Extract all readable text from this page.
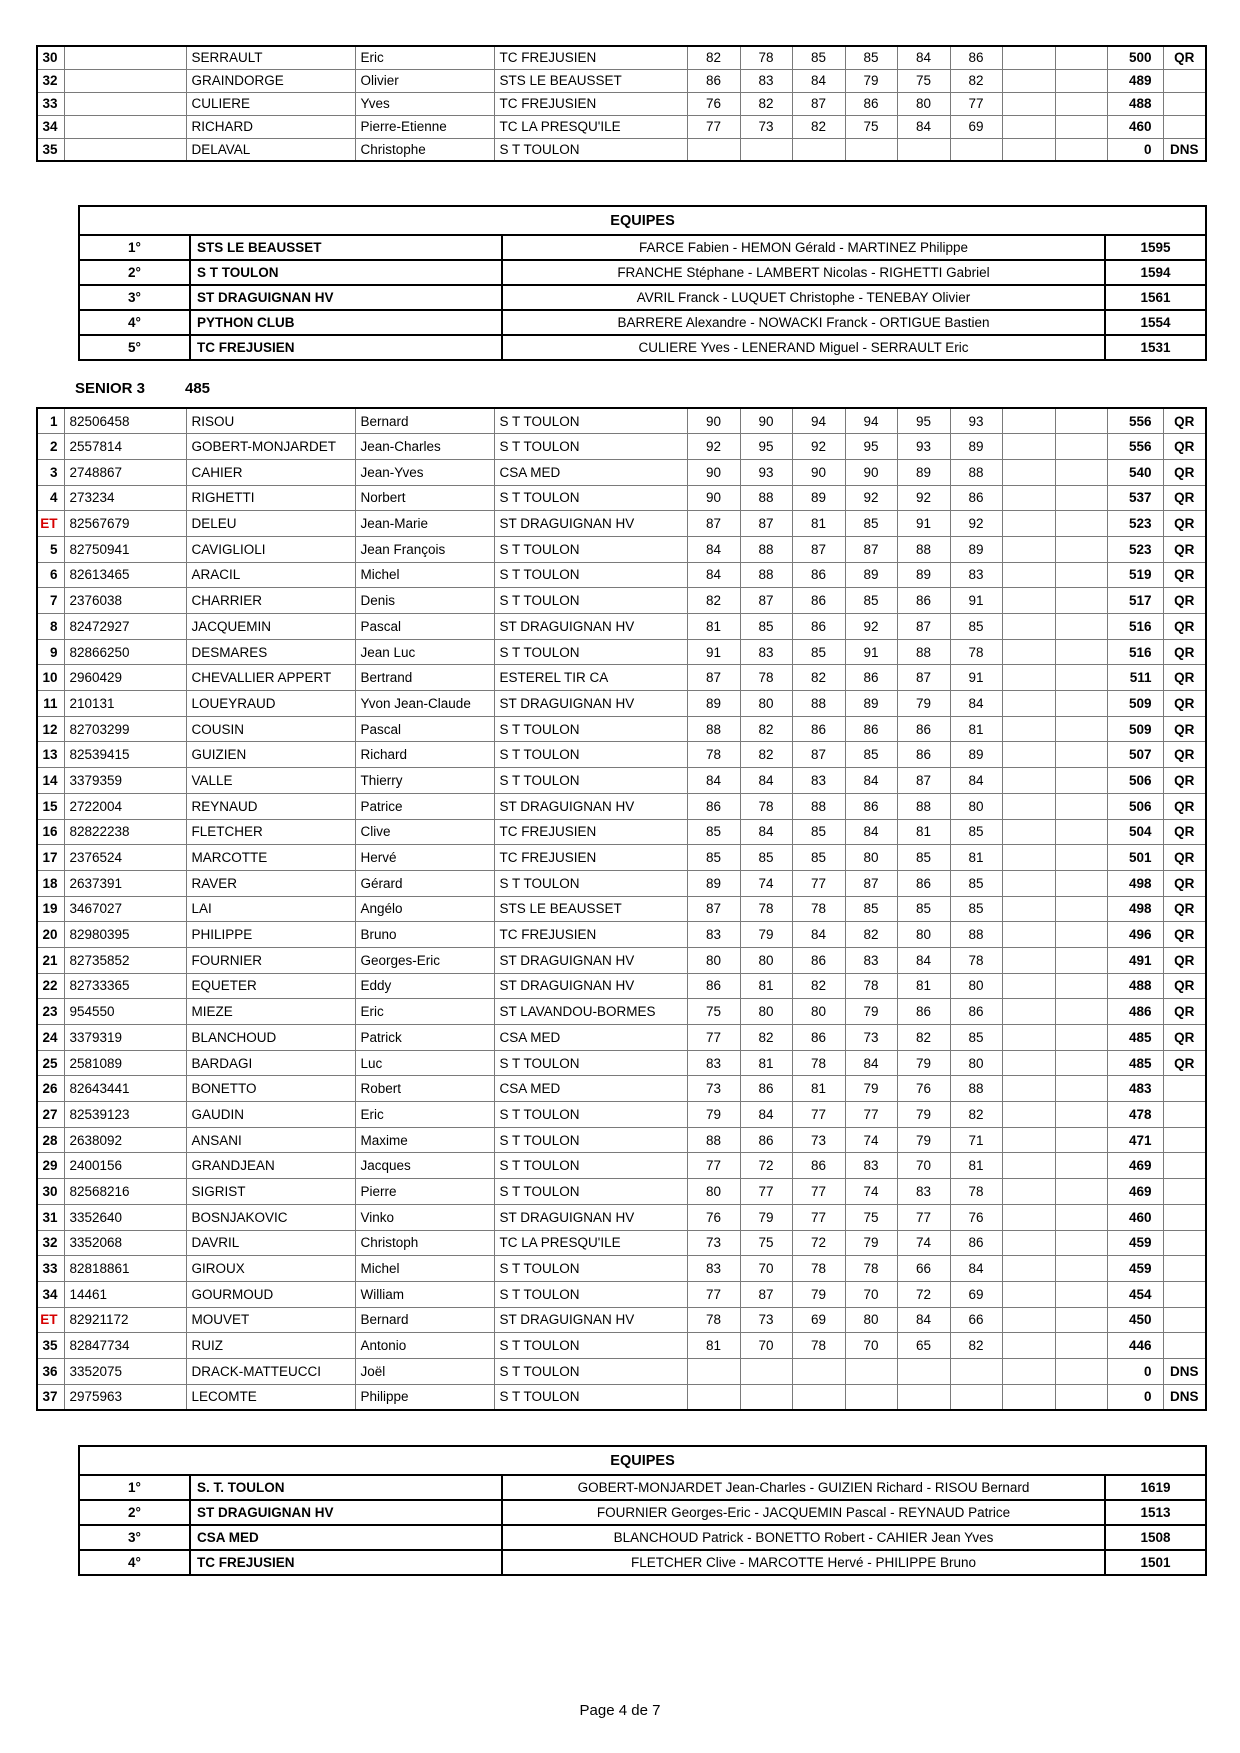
30		SERRAULT	Eric	TC FREJUSIEN	82	78	85	85	84	86			500	QR
32		GRAINDORGE	Olivier	STS LE BEAUSSET	86	83	84	79	75	82			489	
33		CULIERE	Yves	TC FREJUSIEN	76	82	87	86	80	77			488	
34		RICHARD	Pierre-Etienne	TC LA PRESQU'ILE	77	73	82	75	84	69			460	
35		DELAVAL	Christophe	S T TOULON									0	DNS
EQUIPES			
1°	STS LE BEAUSSET	FARCE Fabien - HEMON Gérald - MARTINEZ Philippe	1595
2°	S T TOULON	FRANCHE Stéphane - LAMBERT Nicolas - RIGHETTI Gabriel	1594
3°	ST DRAGUIGNAN HV	AVRIL Franck - LUQUET Christophe - TENEBAY Olivier	1561
4°	PYTHON CLUB	BARRERE Alexandre - NOWACKI Franck - ORTIGUE Bastien	1554
5°	TC FREJUSIEN	CULIERE Yves - LENERAND Miguel - SERRAULT Eric	1531
SENIOR 3	485
1	82506458	RISOU	Bernard	S T TOULON	90	90	94	94	95	93			556	QR
2	2557814	GOBERT-MONJARDET	Jean-Charles	S T TOULON	92	95	92	95	93	89			556	QR
3	2748867	CAHIER	Jean-Yves	CSA MED	90	93	90	90	89	88			540	QR
4	273234	RIGHETTI	Norbert	S T TOULON	90	88	89	92	92	86			537	QR
ET	82567679	DELEU	Jean-Marie	ST DRAGUIGNAN HV	87	87	81	85	91	92			523	QR
5	82750941	CAVIGLIOLI	Jean François	S T TOULON	84	88	87	87	88	89			523	QR
6	82613465	ARACIL	Michel	S T TOULON	84	88	86	89	89	83			519	QR
7	2376038	CHARRIER	Denis	S T TOULON	82	87	86	85	86	91			517	QR
8	82472927	JACQUEMIN	Pascal	ST DRAGUIGNAN HV	81	85	86	92	87	85			516	QR
9	82866250	DESMARES	Jean Luc	S T TOULON	91	83	85	91	88	78			516	QR
10	2960429	CHEVALLIER APPERT	Bertrand	ESTEREL TIR CA	87	78	82	86	87	91			511	QR
11	210131	LOUEYRAUD	Yvon Jean-Claude	ST DRAGUIGNAN HV	89	80	88	89	79	84			509	QR
12	82703299	COUSIN	Pascal	S T TOULON	88	82	86	86	86	81			509	QR
13	82539415	GUIZIEN	Richard	S T TOULON	78	82	87	85	86	89			507	QR
14	3379359	VALLE	Thierry	S T TOULON	84	84	83	84	87	84			506	QR
15	2722004	REYNAUD	Patrice	ST DRAGUIGNAN HV	86	78	88	86	88	80			506	QR
16	82822238	FLETCHER	Clive	TC FREJUSIEN	85	84	85	84	81	85			504	QR
17	2376524	MARCOTTE	Hervé	TC FREJUSIEN	85	85	85	80	85	81			501	QR
18	2637391	RAVER	Gérard	S T TOULON	89	74	77	87	86	85			498	QR
19	3467027	LAI	Angélo	STS LE BEAUSSET	87	78	78	85	85	85			498	QR
20	82980395	PHILIPPE	Bruno	TC FREJUSIEN	83	79	84	82	80	88			496	QR
21	82735852	FOURNIER	Georges-Eric	ST DRAGUIGNAN HV	80	80	86	83	84	78			491	QR
22	82733365	EQUETER	Eddy	ST DRAGUIGNAN HV	86	81	82	78	81	80			488	QR
23	954550	MIEZE	Eric	ST LAVANDOU-BORMES	75	80	80	79	86	86			486	QR
24	3379319	BLANCHOUD	Patrick	CSA MED	77	82	86	73	82	85			485	QR
25	2581089	BARDAGI	Luc	S T TOULON	83	81	78	84	79	80			485	QR
26	82643441	BONETTO	Robert	CSA MED	73	86	81	79	76	88			483	
27	82539123	GAUDIN	Eric	S T TOULON	79	84	77	77	79	82			478	
28	2638092	ANSANI	Maxime	S T TOULON	88	86	73	74	79	71			471	
29	2400156	GRANDJEAN	Jacques	S T TOULON	77	72	86	83	70	81			469	
30	82568216	SIGRIST	Pierre	S T TOULON	80	77	77	74	83	78			469	
31	3352640	BOSNJAKOVIC	Vinko	ST DRAGUIGNAN HV	76	79	77	75	77	76			460	
32	3352068	DAVRIL	Christoph	TC LA PRESQU'ILE	73	75	72	79	74	86			459	
33	82818861	GIROUX	Michel	S T TOULON	83	70	78	78	66	84			459	
34	14461	GOURMOUD	William	S T TOULON	77	87	79	70	72	69			454	
ET	82921172	MOUVET	Bernard	ST DRAGUIGNAN HV	78	73	69	80	84	66			450	
35	82847734	RUIZ	Antonio	S T TOULON	81	70	78	70	65	82			446	
36	3352075	DRACK-MATTEUCCI	Joël	S T TOULON									0	DNS
37	2975963	LECOMTE	Philippe	S T TOULON									0	DNS
EQUIPES			
1°	S. T. TOULON	GOBERT-MONJARDET Jean-Charles - GUIZIEN Richard - RISOU Bernard	1619
2°	ST DRAGUIGNAN HV	FOURNIER Georges-Eric - JACQUEMIN Pascal - REYNAUD Patrice	1513
3°	CSA MED	BLANCHOUD Patrick - BONETTO Robert - CAHIER Jean Yves	1508
4°	TC FREJUSIEN	FLETCHER Clive - MARCOTTE Hervé - PHILIPPE Bruno	1501
Page 4 de 7
